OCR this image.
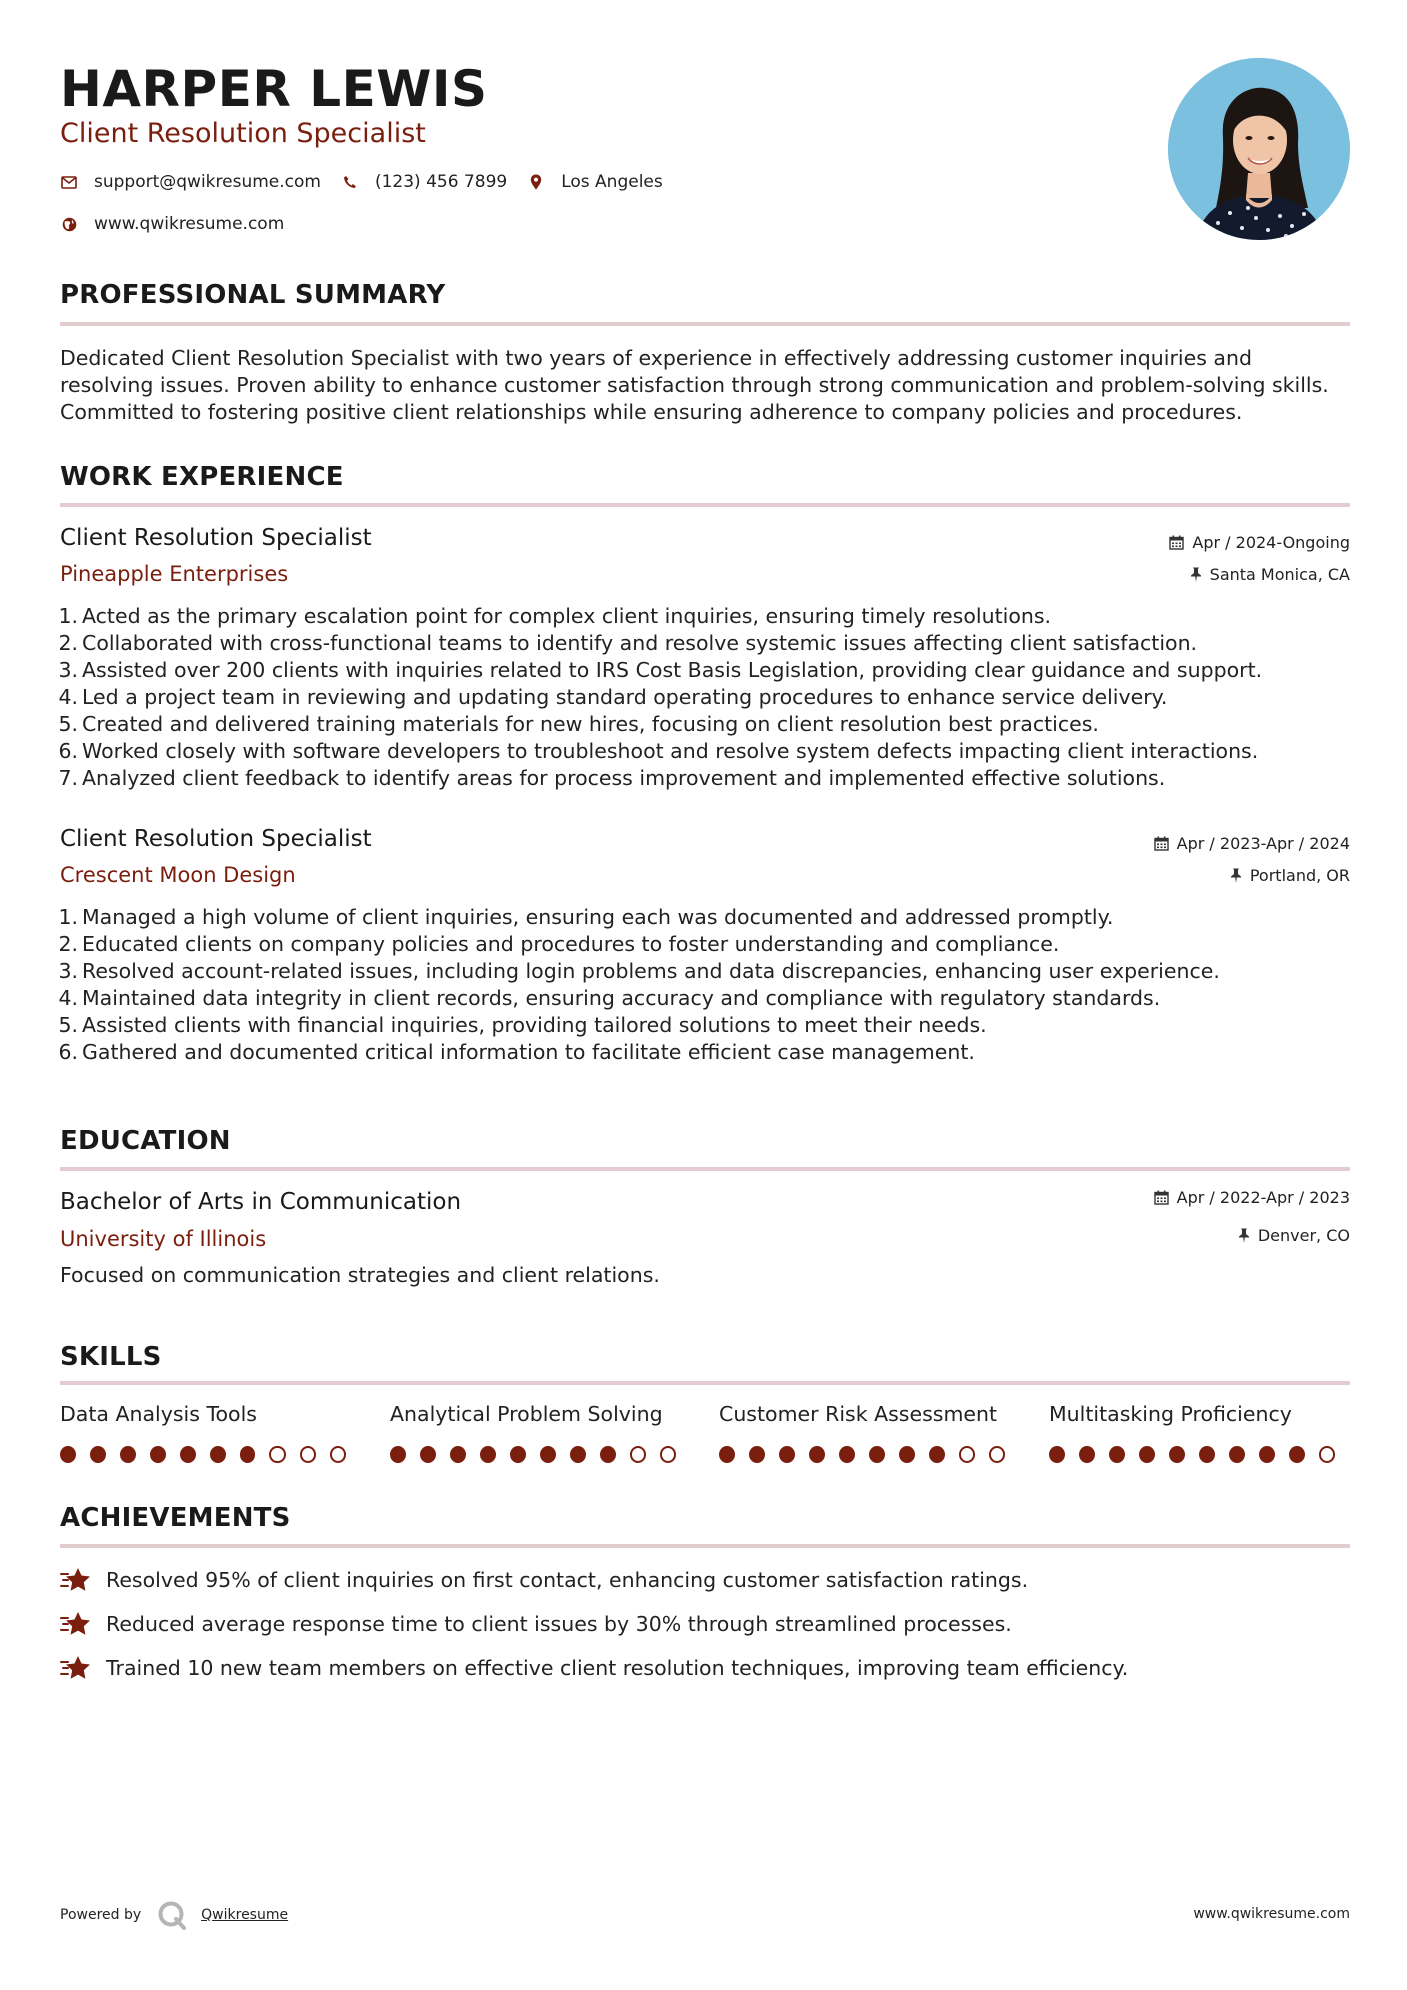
HARPER LEWIS
Client Resolution Specialist
support@qwikresume.com	(123) 456 7899	Los Angeles
www.qwikresume.com
PROFESSIONAL SUMMARY
Dedicated Client Resolution Specialist with two years of experience in effectively addressing customer inquiries and resolving issues. Proven ability to enhance customer satisfaction through strong communication and problem-solving skills. Committed to fostering positive client relationships while ensuring adherence to company policies and procedures.
WORK EXPERIENCE
Client Resolution Specialist
Pineapple Enterprises
Apr / 2024-Ongoing
Santa Monica, CA
1. Acted as the primary escalation point for complex client inquiries, ensuring timely resolutions.
2. Collaborated with cross-functional teams to identify and resolve systemic issues affecting client satisfaction.
3. Assisted over 200 clients with inquiries related to IRS Cost Basis Legislation, providing clear guidance and support.
4. Led a project team in reviewing and updating standard operating procedures to enhance service delivery.
5. Created and delivered training materials for new hires, focusing on client resolution best practices.
6. Worked closely with software developers to troubleshoot and resolve system defects impacting client interactions.
7. Analyzed client feedback to identify areas for process improvement and implemented effective solutions.
Client Resolution Specialist
Crescent Moon Design
Apr / 2023-Apr / 2024
Portland, OR
1. Managed a high volume of client inquiries, ensuring each was documented and addressed promptly.
2. Educated clients on company policies and procedures to foster understanding and compliance.
3. Resolved account-related issues, including login problems and data discrepancies, enhancing user experience.
4. Maintained data integrity in client records, ensuring accuracy and compliance with regulatory standards.
5. Assisted clients with financial inquiries, providing tailored solutions to meet their needs.
6. Gathered and documented critical information to facilitate efficient case management.
EDUCATION
Bachelor of Arts in Communication
University of Illinois
Apr / 2022-Apr / 2023
Denver, CO
Focused on communication strategies and client relations.
SKILLS
Data Analysis Tools	Analytical Problem Solving	Customer Risk Assessment	Multitasking Proficiency
ACHIEVEMENTS
Resolved 95% of client inquiries on first contact, enhancing customer satisfaction ratings.
Reduced average response time to client issues by 30% through streamlined processes.
Trained 10 new team members on effective client resolution techniques, improving team efficiency.
Powered by	Qwikresume	www.qwikresume.com
